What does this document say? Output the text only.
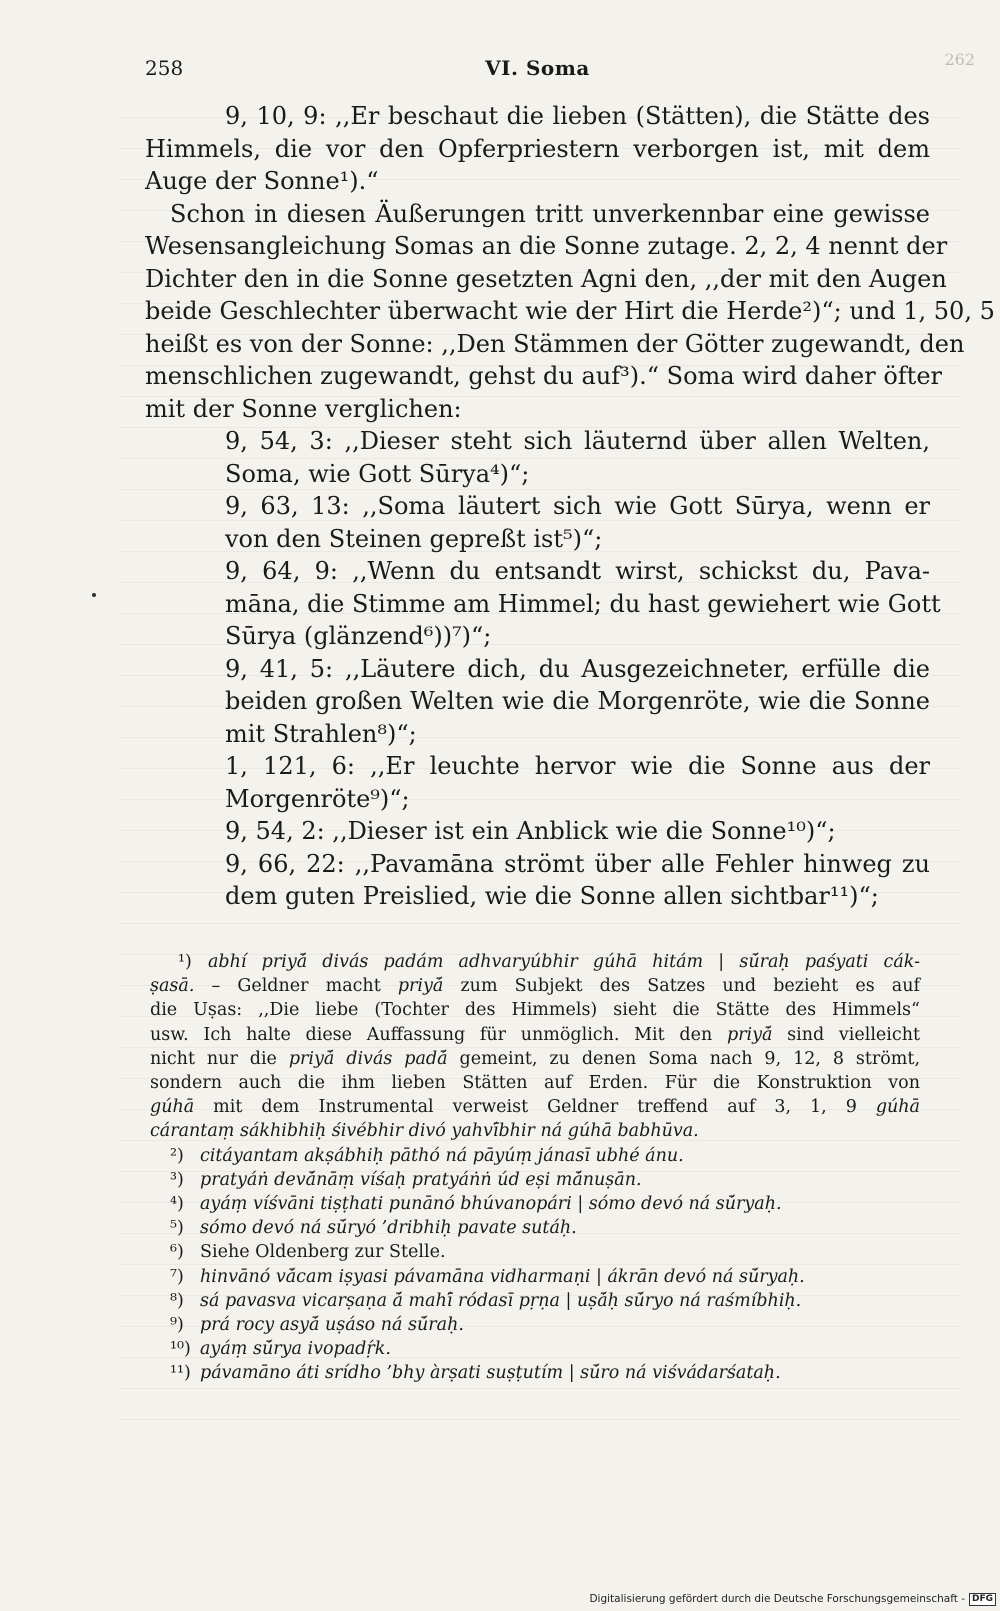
258	VI. Soma	262
9, 10, 9: ,,Er beschaut die lieben (Stätten), die Stätte des
Himmels, die vor den Opferpriestern verborgen ist, mit dem
Auge der Sonne¹).“
Schon in diesen Äußerungen tritt unverkennbar eine gewisse
Wesensangleichung Somas an die Sonne zutage. 2, 2, 4 nennt der
Dichter den in die Sonne gesetzten Agni den, ,,der mit den Augen
beide Geschlechter überwacht wie der Hirt die Herde²)“; und 1, 50, 5
heißt es von der Sonne: ,,Den Stämmen der Götter zugewandt, den
menschlichen zugewandt, gehst du auf³).“ Soma wird daher öfter
mit der Sonne verglichen:
9, 54, 3: ,,Dieser steht sich läuternd über allen Welten,
Soma, wie Gott Sūrya⁴)“;
9, 63, 13: ,,Soma läutert sich wie Gott Sūrya, wenn er
von den Steinen gepreßt ist⁵)“;
9, 64, 9: ,,Wenn du entsandt wirst, schickst du, Pava-
māna, die Stimme am Himmel; du hast gewiehert wie Gott
Sūrya (glänzend⁶))⁷)“;
9, 41, 5: ,,Läutere dich, du Ausgezeichneter, erfülle die
beiden großen Welten wie die Morgenröte, wie die Sonne
mit Strahlen⁸)“;
1, 121, 6: ,,Er leuchte hervor wie die Sonne aus der
Morgenröte⁹)“;
9, 54, 2: ,,Dieser ist ein Anblick wie die Sonne¹⁰)“;
9, 66, 22: ,,Pavamāna strömt über alle Fehler hinweg zu
dem guten Preislied, wie die Sonne allen sichtbar¹¹)“;
¹) abhí priyā́ divás padám adhvaryúbhir gúhā hitám | sū́raḥ paśyati cák-
ṣasā. – Geldner macht priyā́ zum Subjekt des Satzes und bezieht es auf
die Uṣas: ,,Die liebe (Tochter des Himmels) sieht die Stätte des Himmels“
usw. Ich halte diese Auffassung für unmöglich. Mit den priyā́ sind vielleicht
nicht nur die priyā́ divás padā́ gemeint, zu denen Soma nach 9, 12, 8 strömt,
sondern auch die ihm lieben Stätten auf Erden. Für die Konstruktion von
gúhā mit dem Instrumental verweist Geldner treffend auf 3, 1, 9 gúhā
cárantaṃ sákhibhiḥ śivébhir divó yahvī́bhir ná gúhā babhūva.
²) citáyantam akṣábhiḥ pāthó ná pāyúṃ jánasī ubhé ánu.
³) pratyáṅ devā́nāṃ víśaḥ pratyáṅṅ úd eṣi mā́nuṣān.
⁴) ayáṃ víśvāni tiṣṭhati punānó bhúvanopári | sómo devó ná sū́ryaḥ.
⁵) sómo devó ná sū́ryó ’dribhiḥ pavate sutáḥ.
⁶) Siehe Oldenberg zur Stelle.
⁷) hinvānó vā́cam iṣyasi pávamāna vidharmaṇi | ákrān devó ná sū́ryaḥ.
⁸) sá pavasva vicarṣaṇa ā́ mahī́ ródasī pṛṇa | uṣā́ḥ sū́ryo ná raśmíbhiḥ.
⁹) prá rocy asyā́ uṣáso ná sū́raḥ.
¹⁰) ayáṃ sū́rya ivopadṛ́k.
¹¹) pávamāno áti srídho ’bhy àrṣati suṣṭutím | sū́ro ná viśvádarśataḥ.
Digitalisierung gefördert durch die Deutsche Forschungsgemeinschaft - DFG
